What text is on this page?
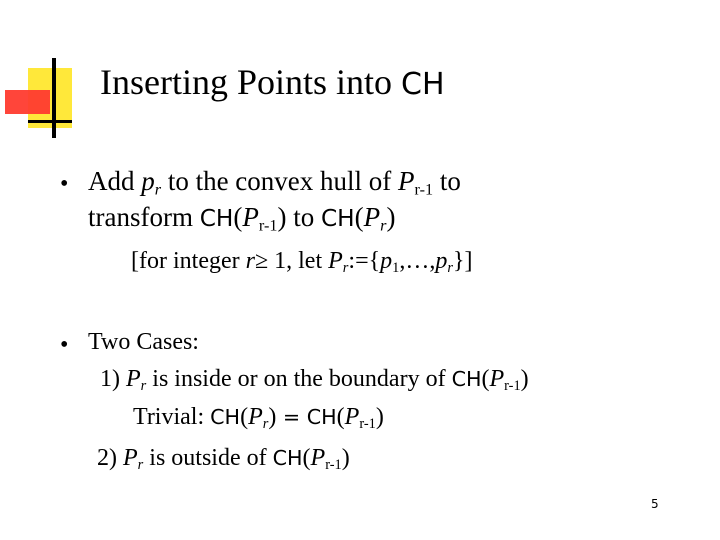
Inserting Points into CH
• Add $p_r$ to the convex hull of $P_{r-1}$ to
transform $CH(P_{r-1})$ to $CH(P_r)$
[for integer r≥ 1, let $P_r:=\{p_1,\dots,p_r\}$]
• Two Cases:
1) $P_r$ is inside or on the boundary of $CH(P_{r-1})$
Trivial: $CH(P_r) = CH(P_{r-1})$
2) $P_r$ is outside of $CH(P_{r-1})$
5
